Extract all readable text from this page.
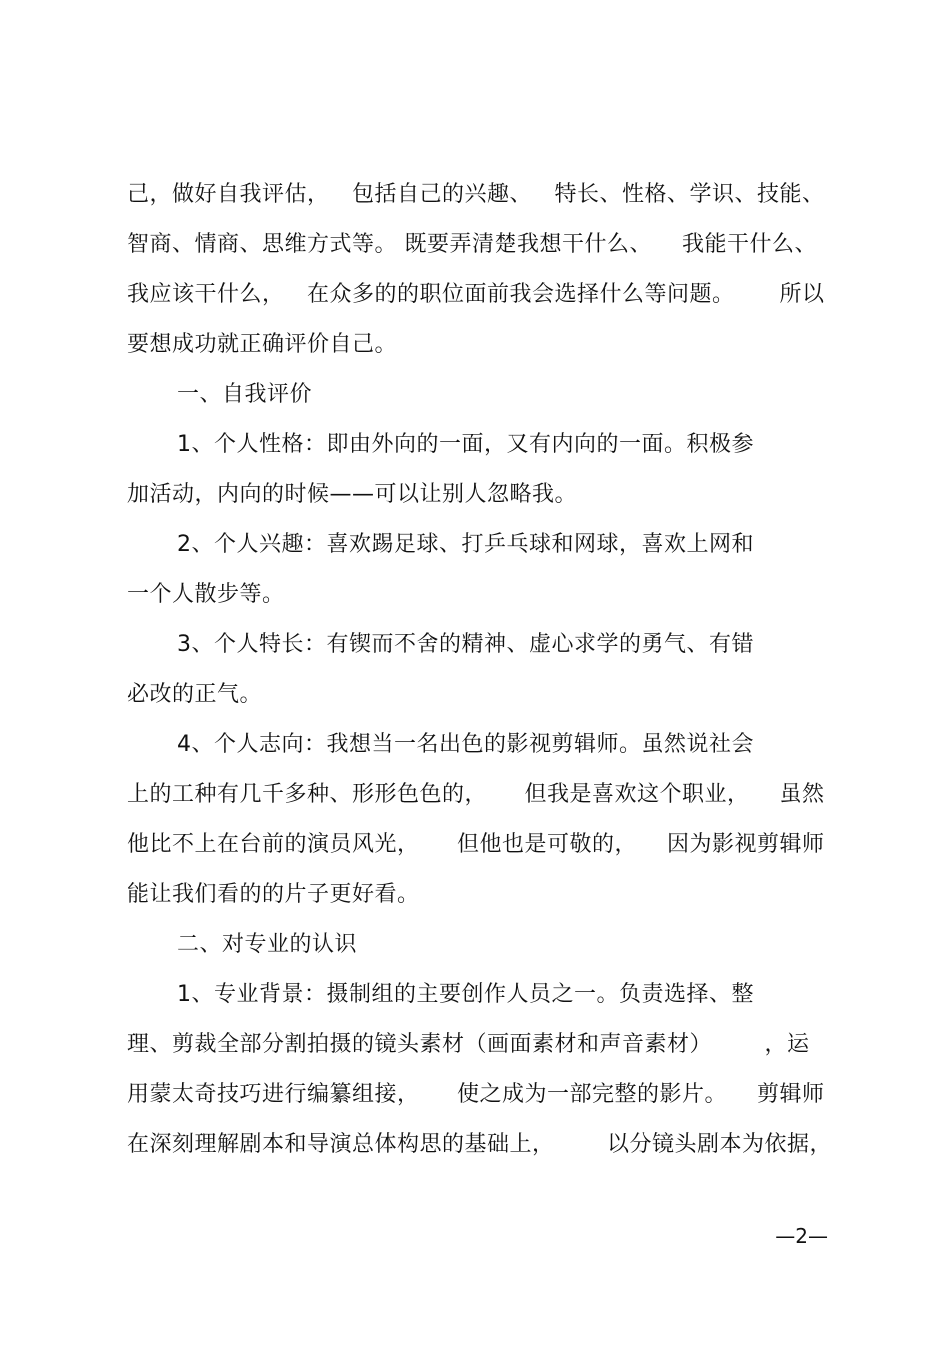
己，做好自我评估，   包括自己的兴趣、   特长、性格、学识、技能、
智商、情商、思维方式等。 既要弄清楚我想干什么、    我能干什么、
我应该干什么，   在众多的的职位面前我会选择什么等问题。      所以
要想成功就正确评价自己。
一、自我评价
1、个人性格：即由外向的一面，又有内向的一面。积极参
加活动，内向的时候——可以让别人忽略我。
2、个人兴趣：喜欢踢足球、打乒乓球和网球，喜欢上网和
一个人散步等。
3、个人特长：有锲而不舍的精神、虚心求学的勇气、有错
必改的正气。
4、个人志向：我想当一名出色的影视剪辑师。虽然说社会
上的工种有几千多种、形形色色的，     但我是喜欢这个职业，    虽然
他比不上在台前的演员风光，     但他也是可敬的，    因为影视剪辑师
能让我们看的的片子更好看。
二、对专业的认识
1、专业背景：摄制组的主要创作人员之一。负责选择、整
理、剪裁全部分割拍摄的镜头素材（画面素材和声音素材）       ，运
用蒙太奇技巧进行编纂组接，     使之成为一部完整的影片。    剪辑师
在深刻理解剧本和导演总体构思的基础上，       以分镜头剧本为依据，
—2—
